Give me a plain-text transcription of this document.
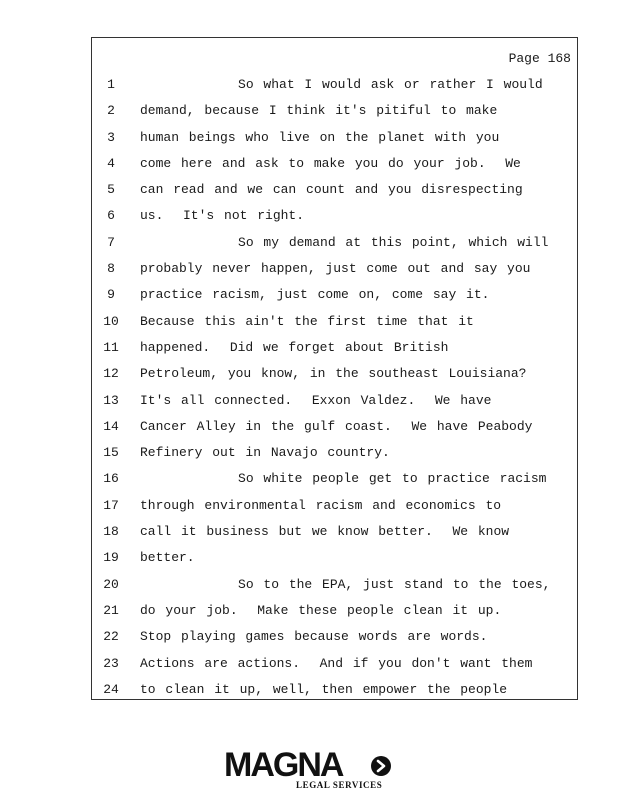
Page 168
1	So what I would ask or rather I would
2	demand, because I think it's pitiful to make
3	human beings who live on the planet with you
4	come here and ask to make you do your job.  We
5	can read and we can count and you disrespecting
6	us.  It's not right.
7	So my demand at this point, which will
8	probably never happen, just come out and say you
9	practice racism, just come on, come say it.
10 Because this ain't the first time that it
11 happened.  Did we forget about British
12 Petroleum, you know, in the southeast Louisiana?
13 It's all connected.  Exxon Valdez.  We have
14 Cancer Alley in the gulf coast.  We have Peabody
15 Refinery out in Navajo country.
16 So white people get to practice racism
17 through environmental racism and economics to
18 call it business but we know better.  We know
19 better.
20 So to the EPA, just stand to the toes,
21 do your job.  Make these people clean it up.
22 Stop playing games because words are words.
23 Actions are actions.  And if you don't want them
24 to clean it up, well, then empower the people
MAGNA
LEGAL SERVICES
